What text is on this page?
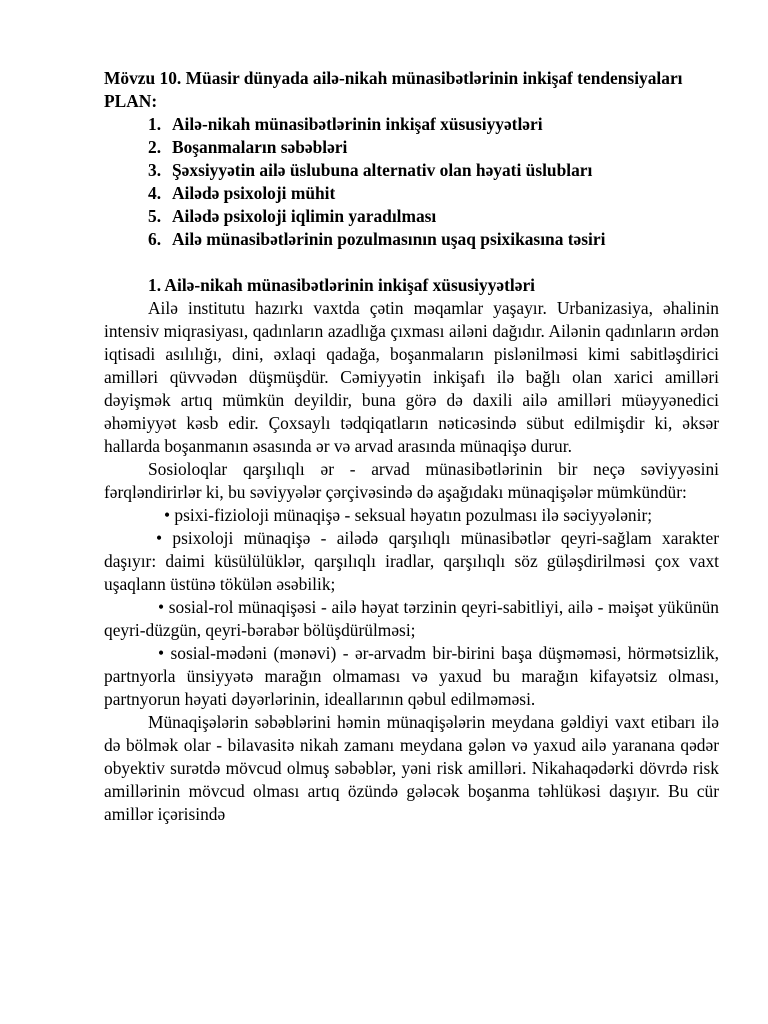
Mövzu 10. Müasir dünyada ailə-nikah münasibətlərinin inkişaf tendensiyaları

PLAN:

1. Ailə-nikah münasibətlərinin inkişaf xüsusiyyətləri
2. Boşanmaların səbəbləri
3. Şəxsiyyətin ailə üslubuna alternativ olan həyati üslubları
4. Ailədə psixoloji mühit
5. Ailədə psixoloji iqlimin yaradılması
6. Ailə münasibətlərinin pozulmasının uşaq psixikasına təsiri

1. Ailə-nikah münasibətlərinin inkişaf xüsusiyyətləri

Ailə institutu hazırkı vaxtda çətin məqamlar yaşayır. Urbanizasiya, əhalinin intensiv miqrasiyası, qadınların azadlığa çıxması ailəni dağıdır. Ailənin qadınların ərdən iqtisadi asılılığı, dini, əxlaqi qadağa, boşanmaların pislənilməsi kimi sabitləşdirici amilləri qüvvədən düşmüşdür. Cəmiyyətin inkişafı ilə bağlı olan xarici amilləri dəyişmək artıq mümkün deyildir, buna görə də daxili ailə amilləri müəyyənedici əhəmiyyət kəsb edir. Çoxsaylı tədqiqatların nəticəsində sübut edilmişdir ki, əksər hallarda boşanmanın əsasında ər və arvad arasında münaqişə durur.

Sosioloqlar qarşılıqlı ər - arvad münasibətlərinin bir neçə səviyyəsini fərqləndirirlər ki, bu səviyyələr çərçivəsində də aşağıdakı münaqişələr mümkündür:

• psixi-fizioloji münaqişə - seksual həyatın pozulması ilə səciyyələnir;

• psixoloji münaqişə - ailədə qarşılıqlı münasibətlər qeyri-sağlam xarakter daşıyır: daimi küsülülüklər, qarşılıqlı iradlar, qarşılıqlı söz güləşdirilməsi çox vaxt uşaqlann üstünə tökülən əsəbilik;

• sosial-rol münaqişəsi - ailə həyat tərzinin qeyri-sabitliyi, ailə - məişət yükünün qeyri-düzgün, qeyri-bərabər bölüşdürülməsi;

• sosial-mədəni (mənəvi) - ər-arvadm bir-birini başa düşməməsi, hörmətsizlik, partnyorla ünsiyyətə marağın olmaması və yaxud bu marağın kifayətsiz olması, partnyorun həyati dəyərlərinin, ideallarının qəbul edilməməsi.

Münaqişələrin səbəblərini həmin münaqişələrin meydana gəldiyi vaxt etibarı ilə də bölmək olar - bilavasitə nikah zamanı meydana gələn və yaxud ailə yaranana qədər obyektiv surətdə mövcud olmuş səbəblər, yəni risk amilləri. Nikahaqədərki dövrdə risk amillərinin mövcud olması artıq özündə gələcək boşanma təhlükəsi daşıyır. Bu cür amillər içərisində
